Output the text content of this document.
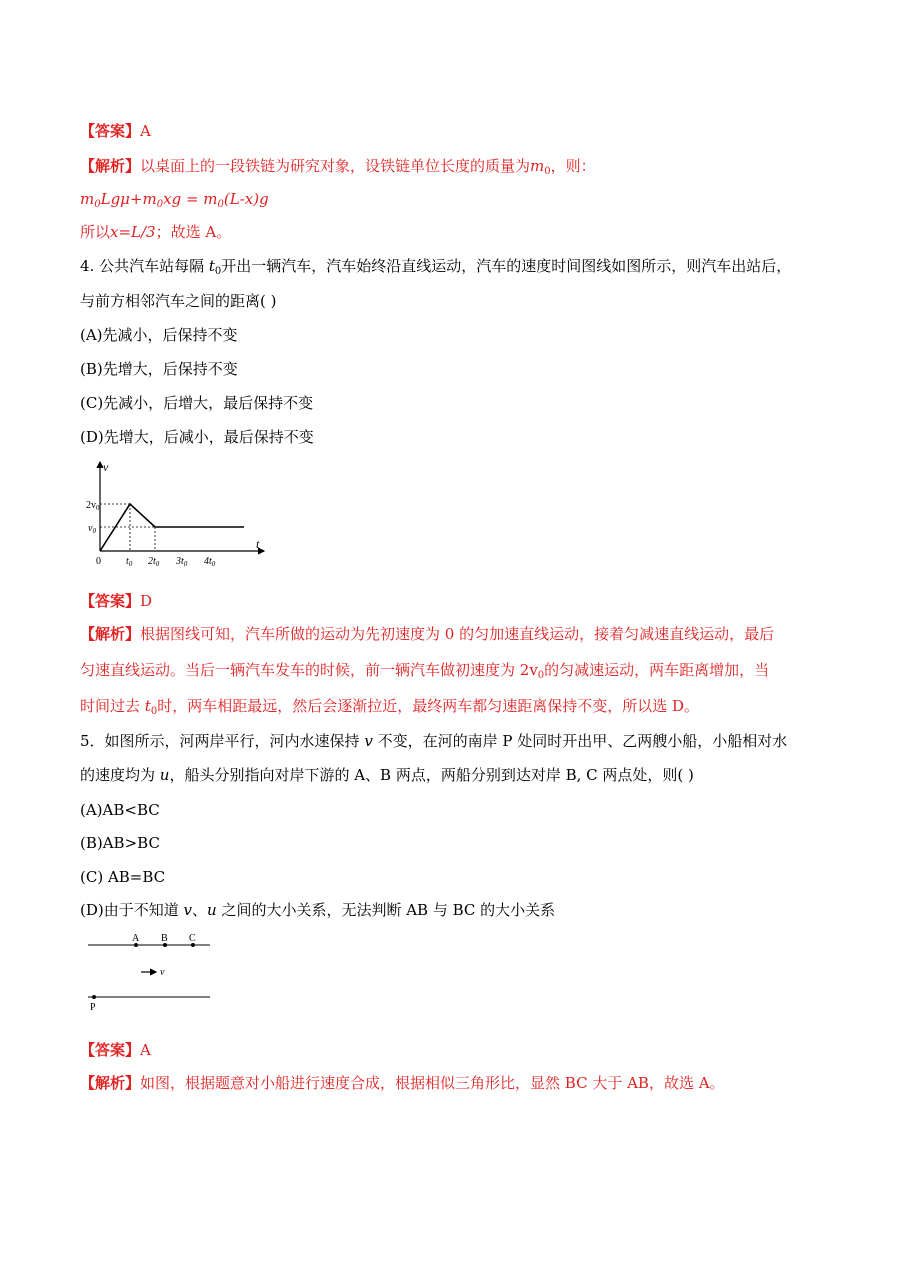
【答案】A
【解析】以桌面上的一段铁链为研究对象，设铁链单位长度的质量为$m_0$，则：
$m_0Lg\mu+m_0xg = m_0(L-x)g$
所以x=L/3；故选 A。
4. 公共汽车站每隔 $t_0$开出一辆汽车，汽车始终沿直线运动，汽车的速度时间图线如图所示，则汽车出站后，
与前方相邻汽车之间的距离( )
(A)先减小，后保持不变
(B)先增大，后保持不变
(C)先减小，后增大，最后保持不变
(D)先增大，后减小，最后保持不变
v
t
$2v_0$
$v_0$
0	$t_0$ $2t_0$ $3t_0$ $4t_0$
【答案】D
【解析】根据图线可知，汽车所做的运动为先初速度为 0 的匀加速直线运动，接着匀减速直线运动，最后
匀速直线运动。当后一辆汽车发车的时候，前一辆汽车做初速度为 $2v_0$的匀减速运动，两车距离增加，当
时间过去 $t_0$时，两车相距最远，然后会逐渐拉近，最终两车都匀速距离保持不变，所以选 D。
5．如图所示，河两岸平行，河内水速保持 v 不变，在河的南岸 P 处同时开出甲、乙两艘小船，小船相对水
的速度均为 u，船头分别指向对岸下游的 A、B 两点，两船分别到达对岸 B, C 两点处，则( )
(A)AB<BC
(B)AB>BC
(C) AB=BC
(D)由于不知道 v、u 之间的大小关系，无法判断 AB 与 BC 的大小关系
A B C
P
v
【答案】A
【解析】如图，根据题意对小船进行速度合成，根据相似三角形比，显然 BC 大于 AB，故选 A。
